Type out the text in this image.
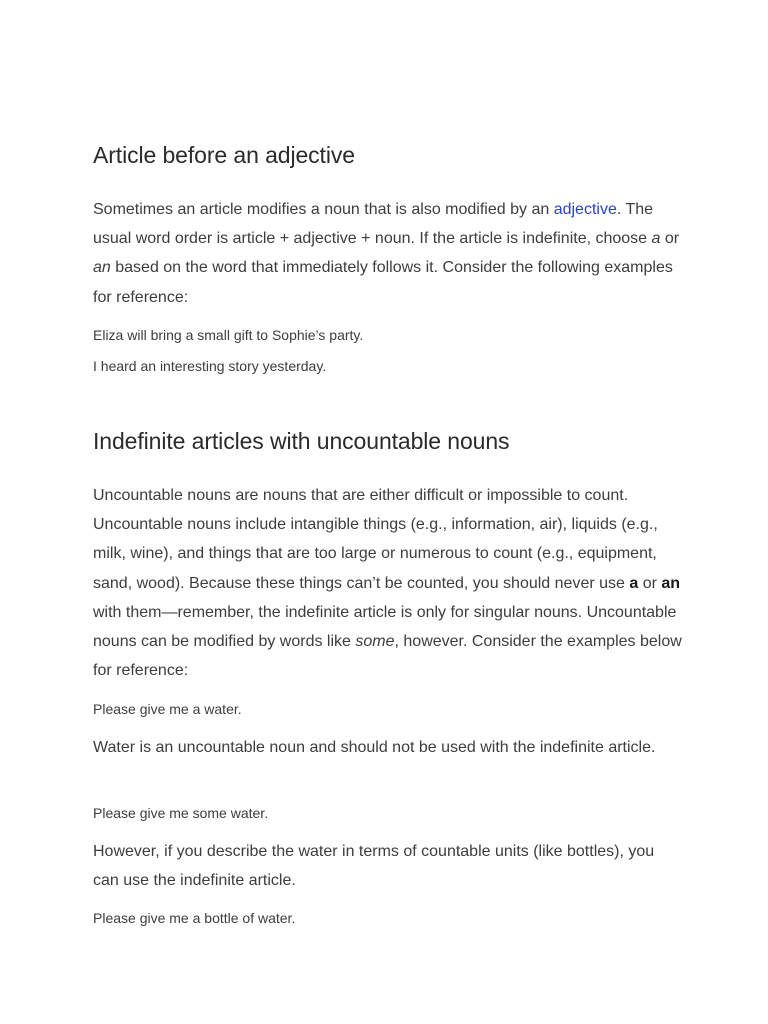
Article before an adjective

Sometimes an article modifies a noun that is also modified by an adjective. The usual word order is article + adjective + noun. If the article is indefinite, choose a or an based on the word that immediately follows it. Consider the following examples for reference:

Eliza will bring a small gift to Sophie’s party.
I heard an interesting story yesterday.
Indefinite articles with uncountable nouns

Uncountable nouns are nouns that are either difficult or impossible to count. Uncountable nouns include intangible things (e.g., information, air), liquids (e.g., milk, wine), and things that are too large or numerous to count (e.g., equipment, sand, wood). Because these things can’t be counted, you should never use a or an with them—remember, the indefinite article is only for singular nouns. Uncountable nouns can be modified by words like some, however. Consider the examples below for reference:

Please give me a water.

Water is an uncountable noun and should not be used with the indefinite article.

Please give me some water.

However, if you describe the water in terms of countable units (like bottles), you can use the indefinite article.

Please give me a bottle of water.
